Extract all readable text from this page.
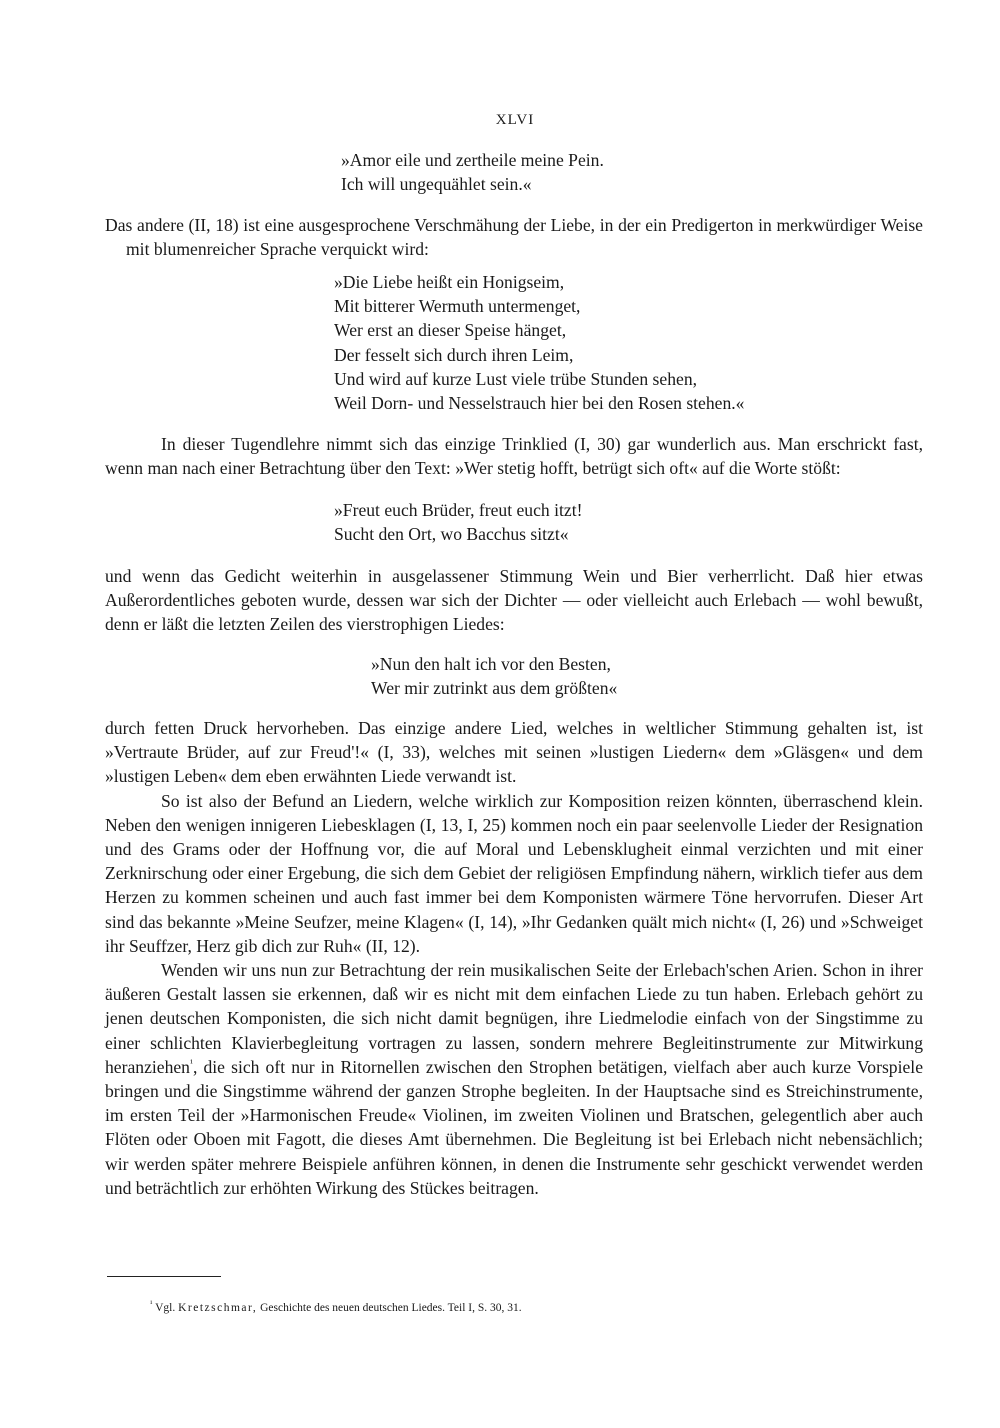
XLVI
»Amor eile und zertheile meine Pein.
Ich will ungequählet sein.«

Das andere (II, 18) ist eine ausgesprochene Verschmähung der Liebe, in der ein Predigerton in merkwürdiger Weise mit blumenreicher Sprache verquickt wird:

»Die Liebe heißt ein Honigseim,
Mit bitterer Wermuth untermenget,
Wer erst an dieser Speise hänget,
Der fesselt sich durch ihren Leim,
Und wird auf kurze Lust viele trübe Stunden sehen,
Weil Dorn- und Nesselstrauch hier bei den Rosen stehen.«

In dieser Tugendlehre nimmt sich das einzige Trinklied (I, 30) gar wunderlich aus. Man erschrickt fast, wenn man nach einer Betrachtung über den Text: »Wer stetig hofft, betrügt sich oft« auf die Worte stößt:

»Freut euch Brüder, freut euch itzt!
Sucht den Ort, wo Bacchus sitzt«

und wenn das Gedicht weiterhin in ausgelassener Stimmung Wein und Bier verherrlicht. Daß hier etwas Außerordentliches geboten wurde, dessen war sich der Dichter — oder vielleicht auch Erlebach — wohl bewußt, denn er läßt die letzten Zeilen des vierstrophigen Liedes:

»Nun den halt ich vor den Besten,
Wer mir zutrinkt aus dem größten«

durch fetten Druck hervorheben. Das einzige andere Lied, welches in weltlicher Stimmung gehalten ist, ist »Vertraute Brüder, auf zur Freud'!« (I, 33), welches mit seinen »lustigen Liedern« dem »Gläsgen« und dem »lustigen Leben« dem eben erwähnten Liede verwandt ist.

So ist also der Befund an Liedern, welche wirklich zur Komposition reizen könnten, überraschend klein. Neben den wenigen innigeren Liebesklagen (I, 13, I, 25) kommen noch ein paar seelenvolle Lieder der Resignation und des Grams oder der Hoffnung vor, die auf Moral und Lebensklugheit einmal verzichten und mit einer Zerknirschung oder einer Ergebung, die sich dem Gebiet der religiösen Empfindung nähern, wirklich tiefer aus dem Herzen zu kommen scheinen und auch fast immer bei dem Komponisten wärmere Töne hervorrufen. Dieser Art sind das bekannte »Meine Seufzer, meine Klagen« (I, 14), »Ihr Gedanken quält mich nicht« (I, 26) und »Schweiget ihr Seuffzer, Herz gib dich zur Ruh« (II, 12).

Wenden wir uns nun zur Betrachtung der rein musikalischen Seite der Erlebach'schen Arien. Schon in ihrer äußeren Gestalt lassen sie erkennen, daß wir es nicht mit dem einfachen Liede zu tun haben. Erlebach gehört zu jenen deutschen Komponisten, die sich nicht damit begnügen, ihre Liedmelodie einfach von der Singstimme zu einer schlichten Klavierbegleitung vortragen zu lassen, sondern mehrere Begleitinstrumente zur Mitwirkung heranziehen$^{^1}$, die sich oft nur in Ritornellen zwischen den Strophen betätigen, vielfach aber auch kurze Vorspiele bringen und die Singstimme während der ganzen Strophe begleiten. In der Hauptsache sind es Streichinstrumente, im ersten Teil der »Harmonischen Freude« Violinen, im zweiten Violinen und Bratschen, gelegentlich aber auch Flöten oder Oboen mit Fagott, die dieses Amt übernehmen. Die Begleitung ist bei Erlebach nicht nebensächlich; wir werden später mehrere Beispiele anführen können, in denen die Instrumente sehr geschickt verwendet werden und beträchtlich zur erhöhten Wirkung des Stückes beitragen.

$^{^1}$ Vgl. Kretzschmar, Geschichte des neuen deutschen Liedes. Teil I, S. 30, 31.
